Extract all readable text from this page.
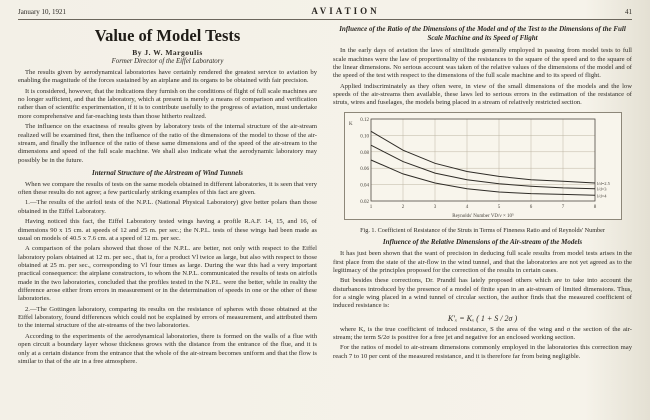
January 10, 1921	AVIATION	41
Value of Model Tests
By J. W. Margoulis
Former Director of the Eiffel Laboratory

The results given by aerodynamical laboratories have certainly rendered the greatest service to aviation by enabling the magnitude of the forces sustained by an airplane and its organs to be obtained with fair precision.

It is considered, however, that the indications they furnish on the conditions of flight of full scale machines are no longer sufficient, and that the laboratory, which at present is merely a means of comparison and verification rather than of scientific experimentation, if it is to contribute usefully to the progress of aviation, must undertake more comprehensive and far-reaching tests than those hitherto realized.

The influence on the exactness of results given by laboratory tests of the internal structure of the air-stream realized will be examined first, then the influence of the ratio of the dimensions of the model to those of the air-stream, and finally the influence of the ratio of these same dimensions and of the speed of the air-stream to the dimensions and speed of the full scale machine. We shall also indicate what the aerodynamic laboratory may possibly be in the future.

Internal Structure of the Airstream of Wind Tunnels

When we compare the results of tests on the same models obtained in different laboratories, it is seen that very often these results do not agree; a few particularly striking examples of this fact are given.

1.—The results of the airfoil tests of the N.P.L. (National Physical Laboratory) give better polars than those obtained in the Eiffel Laboratory.

Having noticed this fact, the Eiffel Laboratory tested wings having a profile R.A.F. 14, 15, and 16, of dimensions 90 x 15 cm. at speeds of 12 and 25 m. per sec.; the N.P.L. tests of these wings had been made as usual on models of 40.5 x 7.6 cm. at a speed of 12 m. per sec.

A comparison of the polars showed that those of the N.P.L. are better, not only with respect to the Eiffel laboratory polars obtained at 12 m. per sec., that is, for a product Vl twice as large, but also with respect to those obtained at 25 m. per sec., corresponding to Vl four times as large. During the war this had a very important practical consequence: the airplane constructors, to whom the N.P.L. communicated the results of tests on airfoils made in the two laboratories, concluded that the profiles tested in the N.P.L. were the better, while in reality the difference arose either from errors in measurement or in the determination of speeds in one or the other of these laboratories.

2.—The Gottingen laboratory, comparing its results on the resistance of spheres with those obtained at the Eiffel laboratory, found differences which could not be explained by errors of measurement, and attributed them to the internal structure of the air-streams of the two laboratories.

According to the experiments of the aerodynamical laboratories, there is formed on the walls of a flue with open circuit a boundary layer whose thickness grows with the distance from the entrance of the flue, and it is only at a certain distance from the entrance that the whole of the air-stream becomes uniform and that the flow is similar to that of the air in a free atmosphere.

Influence of the Ratio of the Dimensions of the Model and of the Test to the Dimensions of the Full Scale Machine and its Speed of Flight

In the early days of aviation the laws of similitude generally employed in passing from model tests to full scale machines were the law of proportionality of the resistances to the square of the speed and to the square of the linear dimensions. No serious account was taken of the relative values of the dimensions of the model and of the speed of the test with respect to the dimensions of the full scale machine and to its speed of flight.

Applied indiscriminately as they often were, in view of the small dimensions of the models and the low speeds of the air-streams then available, these laws led to serious errors in the estimation of the resistance of struts, wires and fuselages, the models being placed in a stream of relatively restricted section.

1	2	3	4	5	6	7	8
0.02
0.04
0.06
0.08
0.10
0.12
l/d=2.5
l/d=3
l/d=4
Reynolds' Number VD/ν × 10⁵
K
Fig. 1. Coefficient of Resistance of the Struts in Terms of Fineness Ratio and of Reynolds' Number
Influence of the Relative Dimensions of the Air-stream of the Models

It has just been shown that the want of precision in deducing full scale results from model tests arises in the first place from the state of the air-flow in the wind tunnel, and that the laboratories are not yet agreed as to the legitimacy of the principles proposed for the correction of the results in certain cases.

But besides these corrections, Dr. Prandtl has lately proposed others which are to take into account the disturbances introduced by the presence of a model of finite span in an air-stream of limited dimensions. Thus, for a single wing placed in a wind tunnel of circular section, the author finds that the measured coefficient of induced resistance is:

K′ₓ = Kₓ ( 1 + S / 2σ )

where Kₓ is the true coefficient of induced resistance, S the area of the wing and σ the section of the air-stream; the term S/2σ is positive for a free jet and negative for an enclosed working section.

For the ratios of model to air-stream dimensions commonly employed in the laboratories this correction may reach 7 to 10 per cent of the measured resistance, and it is therefore far from being negligible.
